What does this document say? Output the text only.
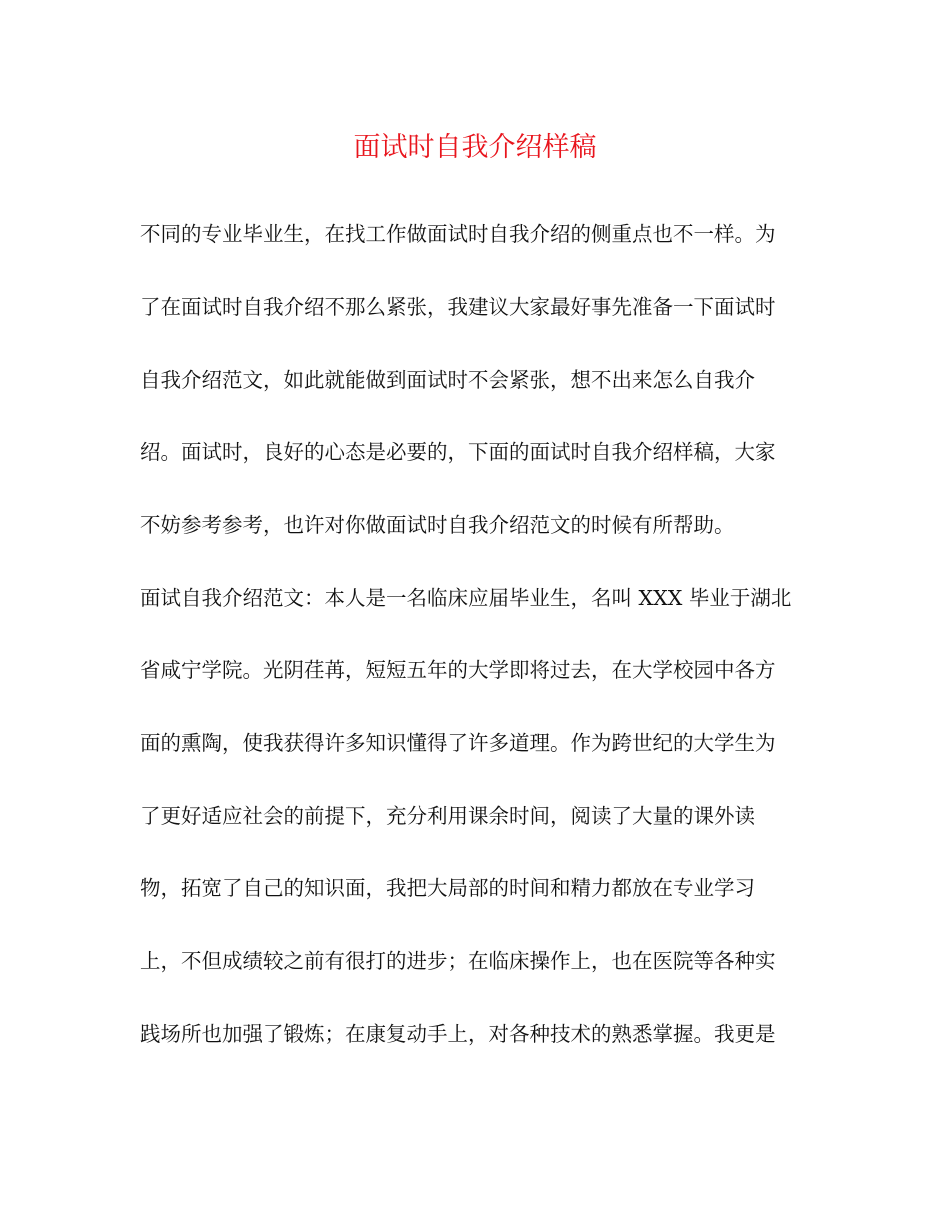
面试时自我介绍样稿

不同的专业毕业生，在找工作做面试时自我介绍的侧重点也不一样。为

了在面试时自我介绍不那么紧张，我建议大家最好事先准备一下面试时

自我介绍范文，如此就能做到面试时不会紧张，想不出来怎么自我介

绍。面试时，良好的心态是必要的，下面的面试时自我介绍样稿，大家

不妨参考参考，也许对你做面试时自我介绍范文的时候有所帮助。

面试自我介绍范文：本人是一名临床应届毕业生，名叫 XXX 毕业于湖北

省咸宁学院。光阴荏苒，短短五年的大学即将过去，在大学校园中各方

面的熏陶，使我获得许多知识懂得了许多道理。作为跨世纪的大学生为

了更好适应社会的前提下，充分利用课余时间，阅读了大量的课外读

物，拓宽了自己的知识面，我把大局部的时间和精力都放在专业学习

上，不但成绩较之前有很打的进步；在临床操作上，也在医院等各种实

践场所也加强了锻炼；在康复动手上，对各种技术的熟悉掌握。我更是
